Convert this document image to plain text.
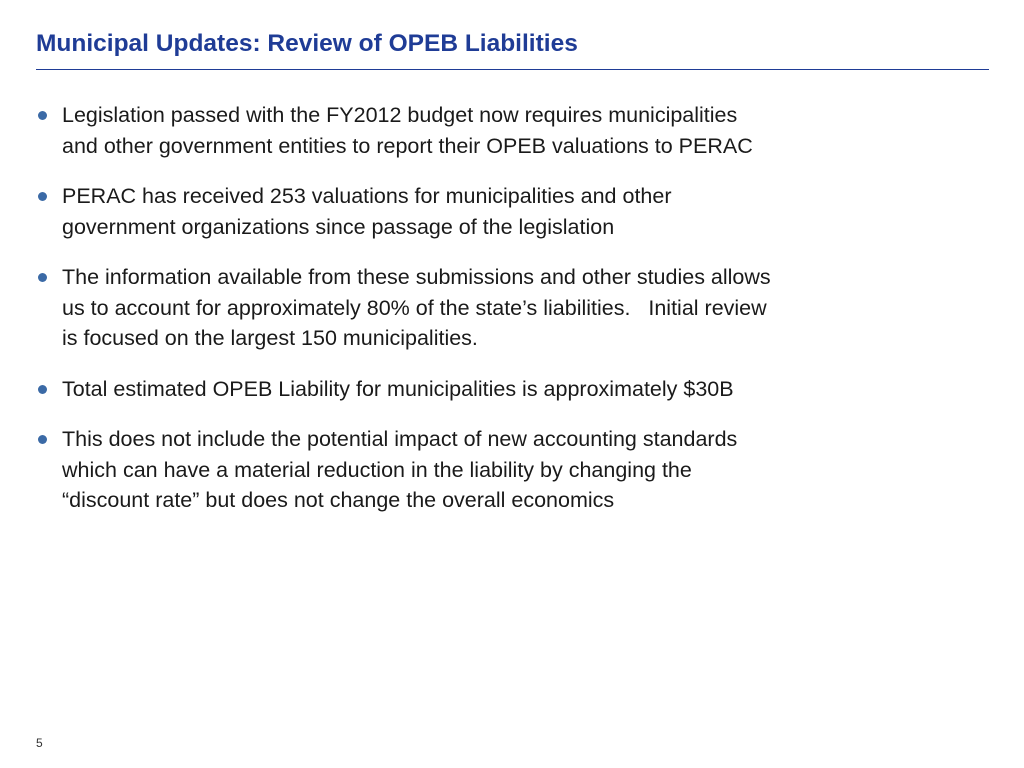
Municipal Updates: Review of OPEB Liabilities
Legislation passed with the FY2012 budget now requires municipalities
and other government entities to report their OPEB valuations to PERAC
PERAC has received 253 valuations for municipalities and other
government organizations since passage of the legislation
The information available from these submissions and other studies allows
us to account for approximately 80% of the state’s liabilities.   Initial review
is focused on the largest 150 municipalities.
Total estimated OPEB Liability for municipalities is approximately $30B
This does not include the potential impact of new accounting standards
which can have a material reduction in the liability by changing the
“discount rate” but does not change the overall economics
5
